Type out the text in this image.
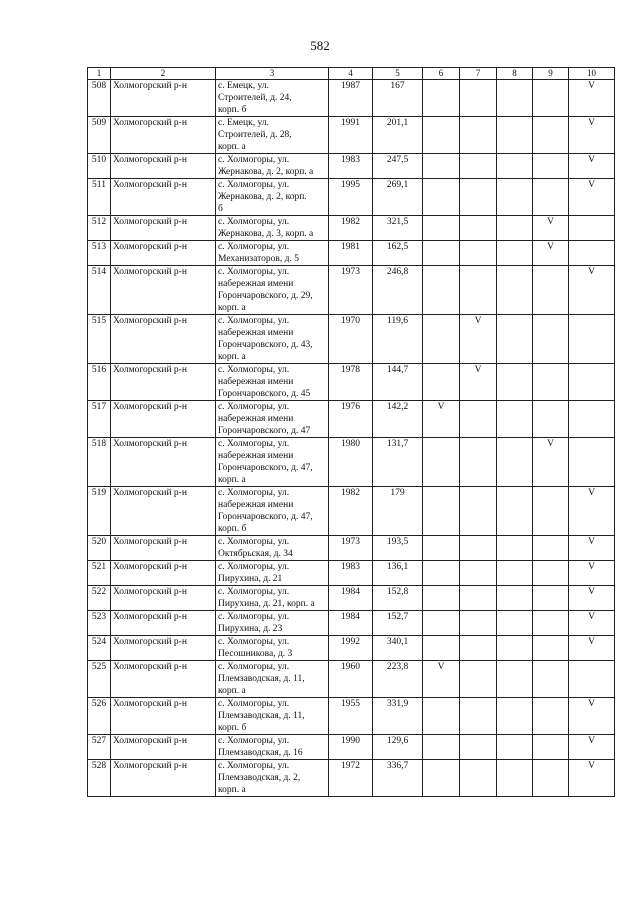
582
1	2	3	4	5	6	7	8	9	10
508	Холмогорский р-н	с. Емецк, ул.
Строителей, д. 24,
корп. б	1987	167					V
509	Холмогорский р-н	с. Емецк, ул.
Строителей, д. 28,
корп. а	1991	201,1					V
510	Холмогорский р-н	с. Холмогоры, ул.
Жернакова, д. 2, корп. а	1983	247,5					V
511	Холмогорский р-н	с. Холмогоры, ул.
Жернакова, д. 2, корп.
б	1995	269,1					V
512	Холмогорский р-н	с. Холмогоры, ул.
Жернакова, д. 3, корп. а	1982	321,5				V	
513	Холмогорский р-н	с. Холмогоры, ул.
Механизаторов, д. 5	1981	162,5				V	
514	Холмогорский р-н	с. Холмогоры, ул.
набережная имени
Горончаровского, д. 29,
корп. а	1973	246,8					V
515	Холмогорский р-н	с. Холмогоры, ул.
набережная имени
Горончаровского, д. 43,
корп. а	1970	119,6		V			
516	Холмогорский р-н	с. Холмогоры, ул.
набережная имени
Горончаровского, д. 45	1978	144,7		V			
517	Холмогорский р-н	с. Холмогоры, ул.
набережная имени
Горончаровского, д. 47	1976	142,2	V				
518	Холмогорский р-н	с. Холмогоры, ул.
набережная имени
Горончаровского, д. 47,
корп. а	1980	131,7				V	
519	Холмогорский р-н	с. Холмогоры, ул.
набережная имени
Горончаровского, д. 47,
корп. б	1982	179					V
520	Холмогорский р-н	с. Холмогоры, ул.
Октябрьская, д. 34	1973	193,5					V
521	Холмогорский р-н	с. Холмогоры, ул.
Пирухина, д. 21	1983	136,1					V
522	Холмогорский р-н	с. Холмогоры, ул.
Пирухина, д. 21, корп. а	1984	152,8					V
523	Холмогорский р-н	с. Холмогоры, ул.
Пирухина, д. 23	1984	152,7					V
524	Холмогорский р-н	с. Холмогоры, ул.
Песошникова, д. 3	1992	340,1					V
525	Холмогорский р-н	с. Холмогоры, ул.
Племзаводская, д. 11,
корп. а	1960	223,8	V				
526	Холмогорский р-н	с. Холмогоры, ул.
Племзаводская, д. 11,
корп. б	1955	331,9					V
527	Холмогорский р-н	с. Холмогоры, ул.
Племзаводская, д. 16	1990	129,6					V
528	Холмогорский р-н	с. Холмогоры, ул.
Племзаводская, д. 2,
корп. а	1972	336,7					V
